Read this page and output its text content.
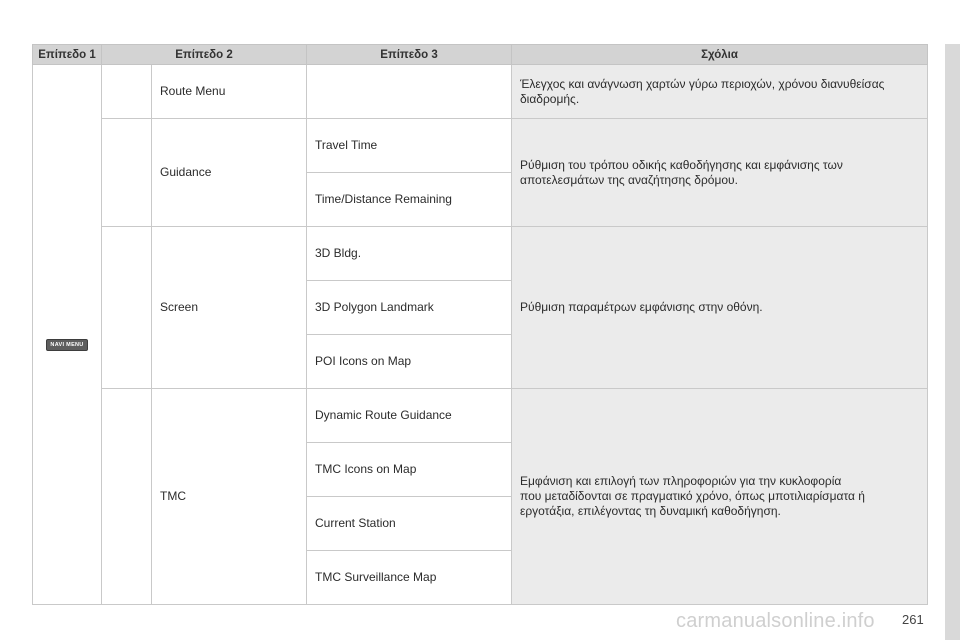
Επίπεδο 1	Επίπεδο 2		Επίπεδο 3	Σχόλια
NAVI MENU		Route Menu		Έλεγχος και ανάγνωση χαρτών γύρω περιοχών, χρόνου διανυθείσας διαδρομής.
		Guidance	Travel Time	Ρύθμιση του τρόπου οδικής καθοδήγησης και εμφάνισης των αποτελεσμάτων της αναζήτησης δρόμου.
			Time/Distance Remaining	
		Screen	3D Bldg.	Ρύθμιση παραμέτρων εμφάνισης στην οθόνη.
			3D Polygon Landmark	
			POI Icons on Map	
		TMC	Dynamic Route Guidance	Εμφάνιση και επιλογή των πληροφοριών για την κυκλοφορία
που μεταδίδονται σε πραγματικό χρόνο, όπως μποτιλιαρίσματα ή
εργοτάξια, επιλέγοντας τη δυναμική καθοδήγηση.

			TMC Icons on Map	
			Current Station	
			TMC Surveillance Map	
carmanualsonline.info 261
